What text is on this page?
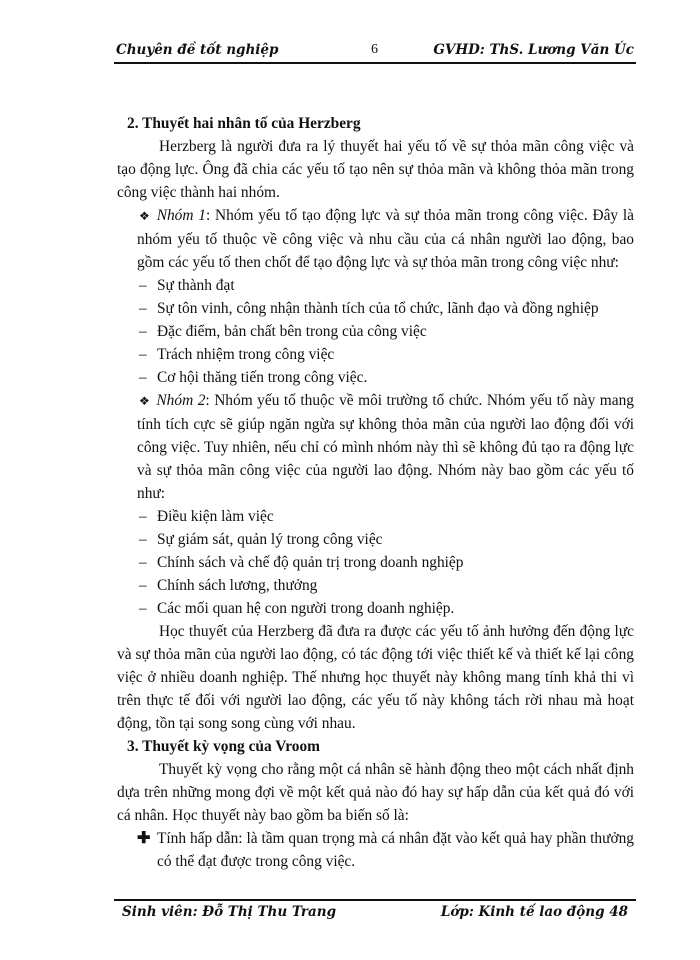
Chuyên đề tốt nghiệp	6	GVHD: ThS. Lương Văn Úc

2. Thuyết hai nhân tố của Herzberg

Herzberg là người đưa ra lý thuyết hai yếu tố về sự thỏa mãn công việc và tạo động lực. Ông đã chia các yếu tố tạo nên sự thỏa mãn và không thỏa mãn trong công việc thành hai nhóm.

❖ Nhóm 1: Nhóm yếu tố tạo động lực và sự thỏa mãn trong công việc. Đây là nhóm yếu tố thuộc về công việc và nhu cầu của cá nhân người lao động, bao gồm các yếu tố then chốt để tạo động lực và sự thỏa mãn trong công việc như:

– Sự thành đạt

– Sự tôn vinh, công nhận thành tích của tổ chức, lãnh đạo và đồng nghiệp

– Đặc điểm, bản chất bên trong của công việc

– Trách nhiệm trong công việc

– Cơ hội thăng tiến trong công việc.

❖ Nhóm 2: Nhóm yếu tố thuộc về môi trường tổ chức. Nhóm yếu tố này mang tính tích cực sẽ giúp ngăn ngừa sự không thỏa mãn của người lao động đối với công việc. Tuy nhiên, nếu chỉ có mình nhóm này thì sẽ không đủ tạo ra động lực và sự thỏa mãn công việc của người lao động. Nhóm này bao gồm các yếu tố như:

– Điều kiện làm việc

– Sự giám sát, quản lý trong công việc

– Chính sách và chế độ quản trị trong doanh nghiệp

– Chính sách lương, thưởng

– Các mối quan hệ con người trong doanh nghiệp.

Học thuyết của Herzberg đã đưa ra được các yếu tố ảnh hưởng đến động lực và sự thỏa mãn của người lao động, có tác động tới việc thiết kế và thiết kế lại công việc ở nhiều doanh nghiệp. Thế nhưng học thuyết này không mang tính khả thi vì trên thực tế đối với người lao động, các yếu tố này không tách rời nhau mà hoạt động, tồn tại song song cùng với nhau.

3. Thuyết kỳ vọng của Vroom

Thuyết kỳ vọng cho rằng một cá nhân sẽ hành động theo một cách nhất định dựa trên những mong đợi về một kết quả nào đó hay sự hấp dẫn của kết quả đó với cá nhân. Học thuyết này bao gồm ba biến số là:

✚ Tính hấp dẫn: là tầm quan trọng mà cá nhân đặt vào kết quả hay phần thưởng có thể đạt được trong công việc.

Sinh viên: Đỗ Thị Thu Trang	Lớp: Kinh tế lao động 48
